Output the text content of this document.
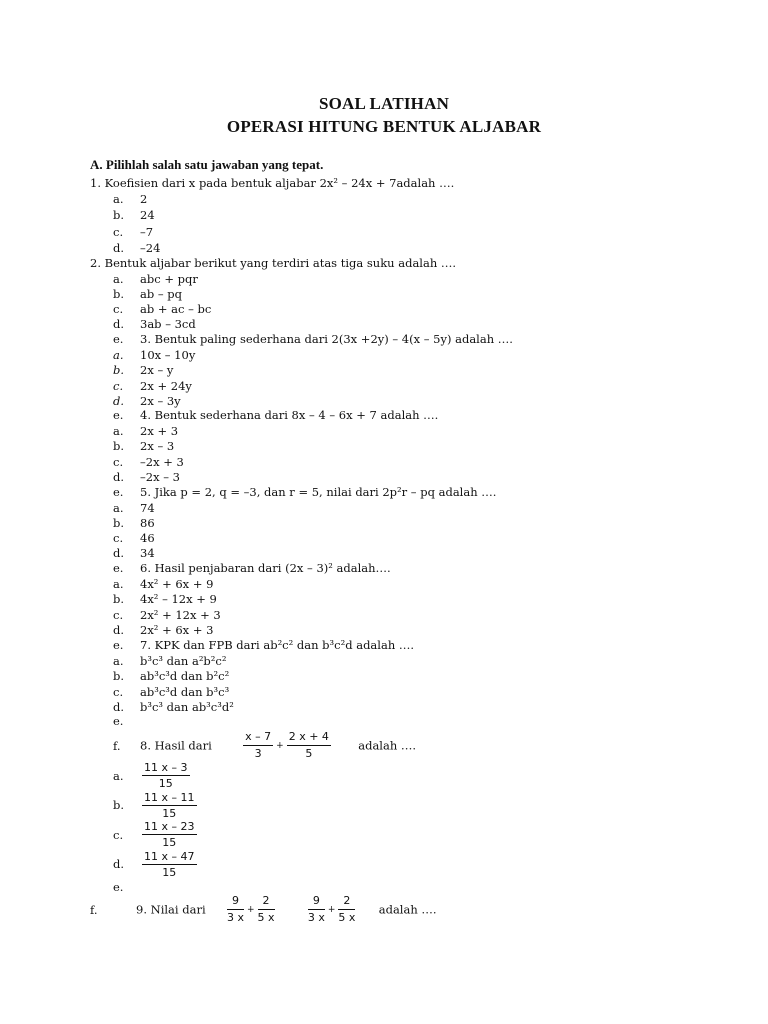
SOAL LATIHAN
OPERASI HITUNG BENTUK ALJABAR
A. Pilihlah salah satu jawaban yang tepat.
1. Koefisien dari x pada bentuk aljabar 2x² – 24x + 7adalah ….
a. 2
b. 24
c. –7
d. –24
2. Bentuk aljabar berikut yang terdiri atas tiga suku adalah ….
a. abc + pqr
b. ab – pq
c. ab + ac – bc
d. 3ab – 3cd
e. 3. Bentuk paling sederhana dari 2(3x +2y) – 4(x – 5y) adalah ….
a. 10x – 10y
b. 2x – y
c. 2x + 24y
d. 2x – 3y
e. 4. Bentuk sederhana dari 8x – 4 – 6x + 7 adalah ….
a. 2x + 3
b. 2x – 3
c. –2x + 3
d. –2x – 3
e. 5. Jika p = 2, q = –3, dan r = 5, nilai dari 2p²r – pq adalah ….
a. 74
b. 86
c. 46
d. 34
e. 6. Hasil penjabaran dari (2x – 3)² adalah….
a. 4x² + 6x + 9
b. 4x² – 12x + 9
c. 2x² + 12x + 3
d. 2x² + 6x + 3
e. 7. KPK dan FPB dari ab²c² dan b³c²d adalah ….
a. b³c³ dan a²b²c²
b. ab³c³d dan b²c²
c. ab³c³d dan b³c³
d. b³c³ dan ab³c³d²
e.
f. 8. Hasil dari	$\frac{x - 7}{3} + \frac{2 x + 4}{5}$ adalah ….
a. $\frac{11 x - 3}{15}$
b. $\frac{11 x - 11}{15}$
c. $\frac{11 x - 23}{15}$
d. $\frac{11 x - 47}{15}$
e.
f.	9. Nilai dari $\frac{9}{3 x} + \frac{2}{5 x}$
	$\frac{9}{3 x} + \frac{2}{5 x}$ adalah ….
